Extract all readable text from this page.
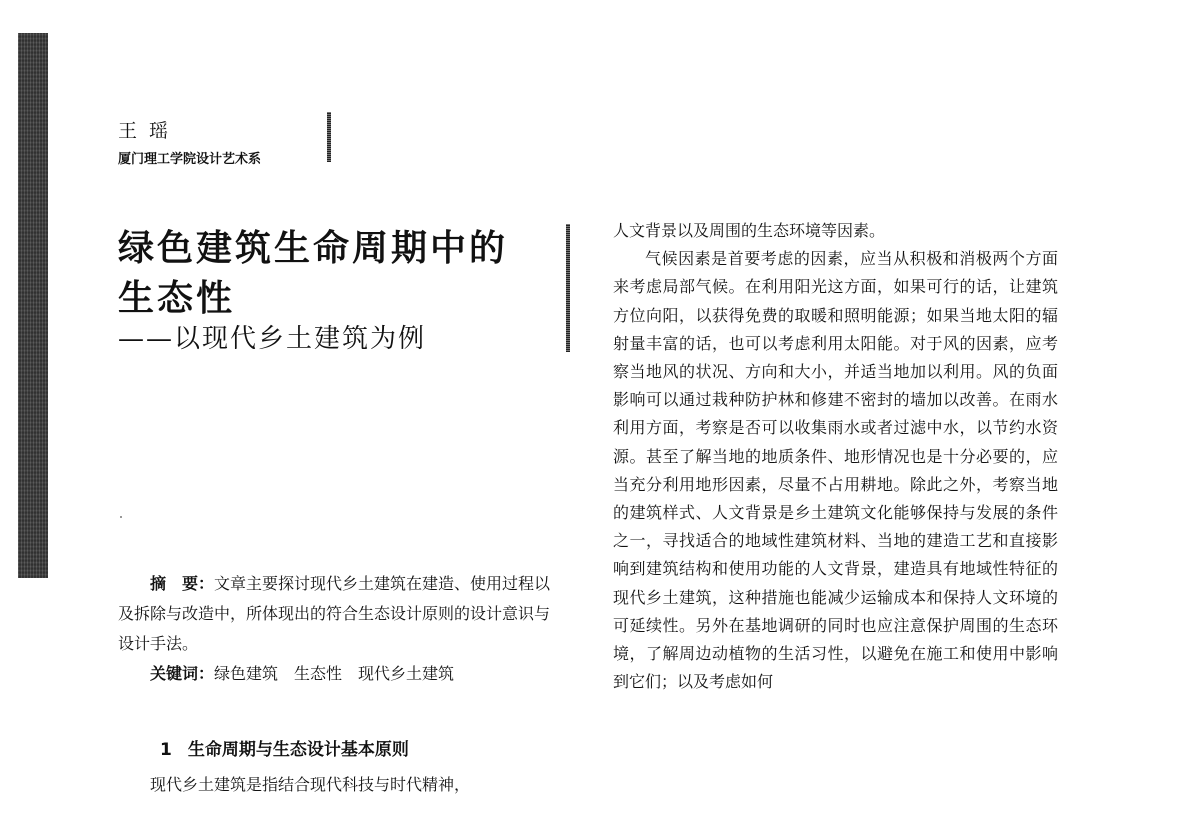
王瑶
厦门理工学院设计艺术系
绿色建筑生命周期中的
生态性
——以现代乡土建筑为例
摘　要：文章主要探讨现代乡土建筑在建造、使用过程以及拆除与改造中，所体现出的符合生态设计原则的设计意识与设计手法。
关键词：绿色建筑　生态性　现代乡土建筑
1 生命周期与生态设计基本原则
现代乡土建筑是指结合现代科技与时代精神，

人文背景以及周围的生态环境等因素。

气候因素是首要考虑的因素，应当从积极和消极两个方面来考虑局部气候。在利用阳光这方面，如果可行的话，让建筑方位向阳，以获得免费的取暖和照明能源；如果当地太阳的辐射量丰富的话，也可以考虑利用太阳能。对于风的因素，应考察当地风的状况、方向和大小，并适当地加以利用。风的负面影响可以通过栽种防护林和修建不密封的墙加以改善。在雨水利用方面，考察是否可以收集雨水或者过滤中水，以节约水资源。甚至了解当地的地质条件、地形情况也是十分必要的，应当充分利用地形因素，尽量不占用耕地。除此之外，考察当地的建筑样式、人文背景是乡土建筑文化能够保持与发展的条件之一，寻找适合的地域性建筑材料、当地的建造工艺和直接影响到建筑结构和使用功能的人文背景，建造具有地域性特征的现代乡土建筑，这种措施也能减少运输成本和保持人文环境的可延续性。另外在基地调研的同时也应注意保护周围的生态环境，了解周边动植物的生活习性，以避免在施工和使用中影响到它们；以及考虑如何
